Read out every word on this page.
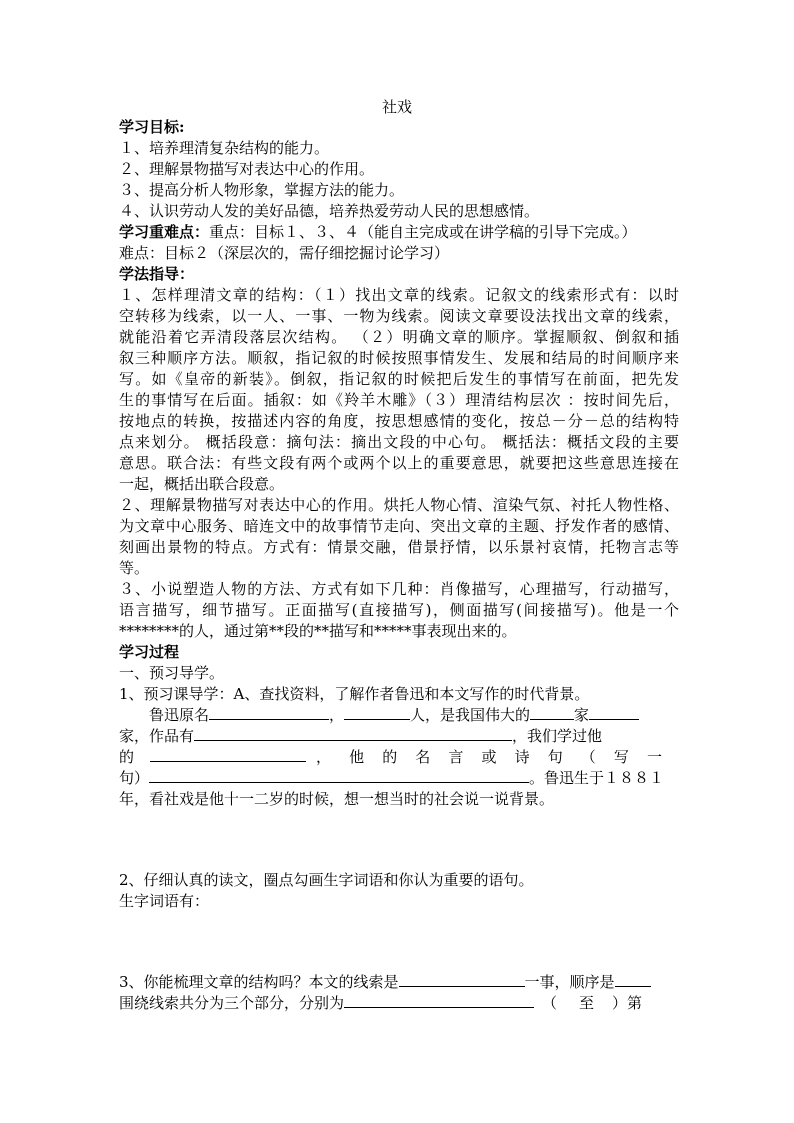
社戏
学习目标:
１、培养理清复杂结构的能力。
２、理解景物描写对表达中心的作用。
３、提高分析人物形象，掌握方法的能力。
４、认识劳动人发的美好品德，培养热爱劳动人民的思想感情。
学习重难点：重点：目标１、３、４（能自主完成或在讲学稿的引导下完成。）
难点：目标２（深层次的，需仔细挖掘讨论学习）
学法指导：
１、怎样理清文章的结构：（１）找出文章的线索。记叙文的线索形式有：以时
空转移为线索，以一人、一事、一物为线索。阅读文章要设法找出文章的线索，
就能沿着它弄清段落层次结构。 （２）明确文章的顺序。掌握顺叙、倒叙和插
叙三种顺序方法。顺叙，指记叙的时候按照事情发生、发展和结局的时间顺序来
写。如《皇帝的新装》。倒叙，指记叙的时候把后发生的事情写在前面，把先发
生的事情写在后面。插叙：如《羚羊木雕》（３）理清结构层次 ：按时间先后，
按地点的转换，按描述内容的角度，按思想感情的变化，按总－分－总的结构特
点来划分。 概括段意：摘句法：摘出文段的中心句。 概括法：概括文段的主要
意思。联合法：有些文段有两个或两个以上的重要意思，就要把这些意思连接在
一起，概括出联合段意。
２、理解景物描写对表达中心的作用。烘托人物心情、渲染气氛、衬托人物性格、
为文章中心服务、暗连文中的故事情节走向、突出文章的主题、抒发作者的感情、
刻画出景物的特点。方式有：情景交融，借景抒情，以乐景衬哀情，托物言志等
等。
３、小说塑造人物的方法、方式有如下几种：肖像描写，心理描写，行动描写，
语言描写，细节描写。正面描写(直接描写)，侧面描写(间接描写)。他是一个
********的人，通过第**段的**描写和*****事表现出来的。
学习过程
一、预习导学。
1、预习课导学：A、查找资料，了解作者鲁迅和本文写作的时代背景。
鲁迅原名	，	人，是我国伟大的	家
家，作品有	，我们学过他
的	，他的名言或诗句（写一
句）	。鲁迅生于１８８１
年，看社戏是他十一二岁的时候，想一想当时的社会说一说背景。
2、仔细认真的读文，圈点勾画生字词语和你认为重要的语句。
生字词语有：
3、你能梳理文章的结构吗？本文的线索是	一事，顺序是
围绕线索共分为三个部分，分别为	（ 至 ）第
